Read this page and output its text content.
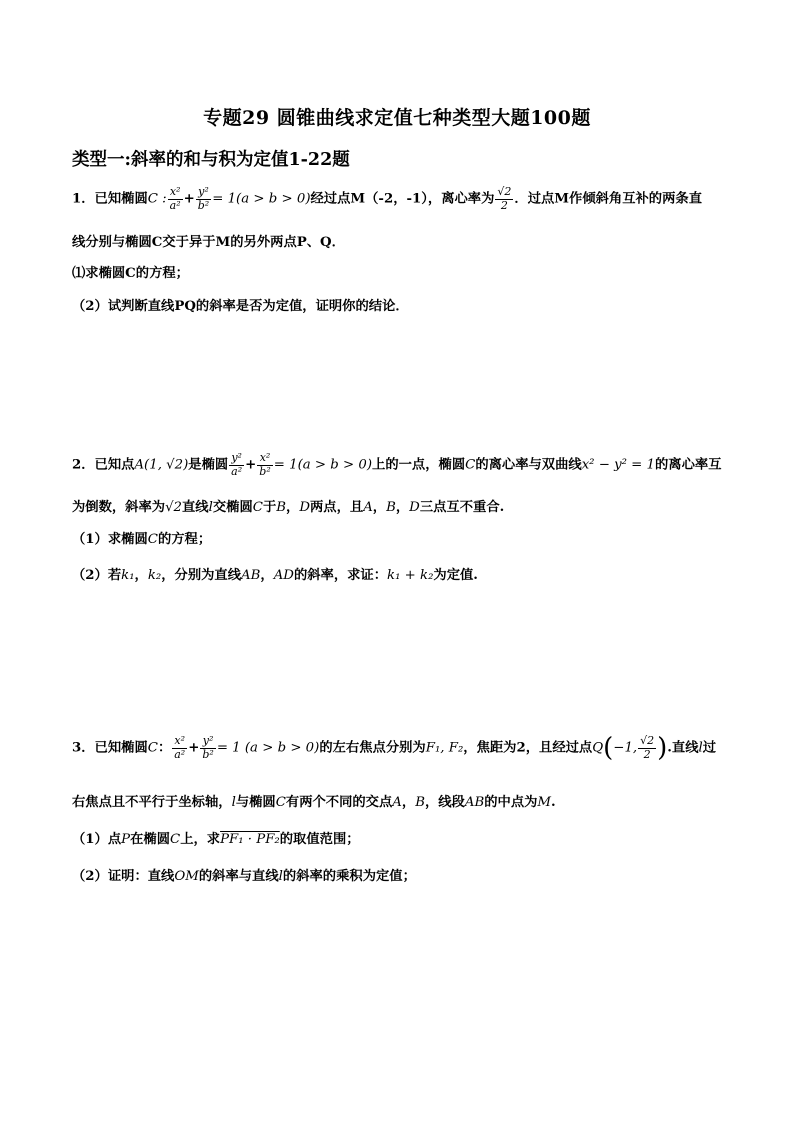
专题29 圆锥曲线求定值七种类型大题100题
类型一:斜率的和与积为定值1-22题
1．已知椭圆C : $\frac{\text{x²}}{\text{a²}} + \frac{\text{y²}}{\text{b²}} = 1(a > b > 0)$经过点M（-2，-1），离心率为 $\frac{√2}{2}$ ．过点M作倾斜角互补的两条直
线分别与椭圆C交于异于M的另外两点P、Q．
⑴求椭圆C的方程；
（2）试判断直线PQ的斜率是否为定值，证明你的结论．
2．已知点A(1, √2)是椭圆 $\frac{\text{y²}}{\text{a²}} + \frac{\text{x²}}{\text{b²}} = 1(a > b > 0)$上的一点，椭圆C的离心率与双曲线x² − y² = 1的离心率互
为倒数，斜率为√2直线l交椭圆C于B，D两点，且A，B，D三点互不重合.
（1）求椭圆C的方程；
（2）若k₁，k₂，分别为直线AB，AD的斜率，求证：k₁ + k₂为定值.
3．已知椭圆C： $\frac{\text{x²}}{\text{a²}} + \frac{\text{y²}}{\text{b²}} = 1$ (a > b > 0)的左右焦点分别为F₁, F₂，焦距为2，且经过点Q(−1, $\frac{√2}{2}$ ).直线l过
右焦点且不平行于坐标轴，l与椭圆C有两个不同的交点A，B，线段AB的中点为M.
（1）点P在椭圆C上，求PF₁ · PF₂的取值范围；
（2）证明：直线OM的斜率与直线l的斜率的乘积为定值；
